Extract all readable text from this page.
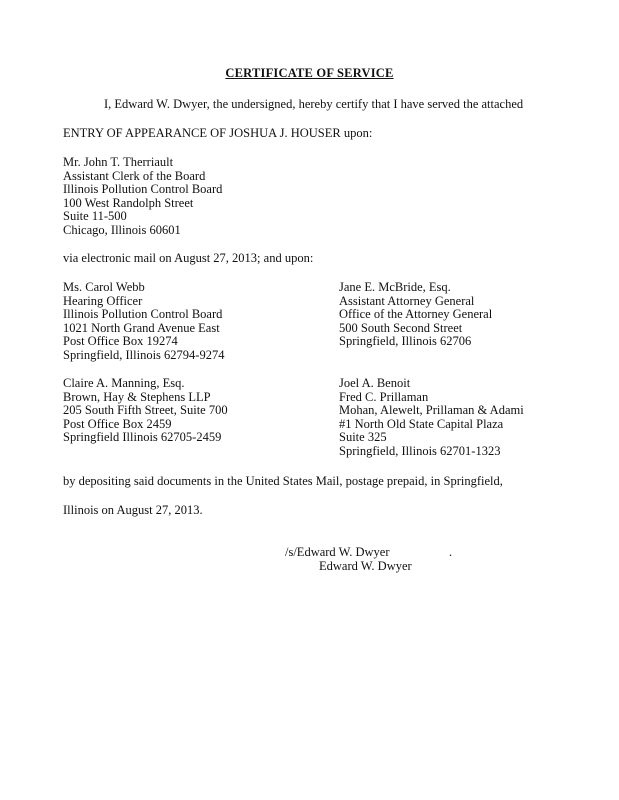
CERTIFICATE OF SERVICE
I, Edward W. Dwyer, the undersigned, hereby certify that I have served the attached
ENTRY OF APPEARANCE OF JOSHUA J. HOUSER upon:
Mr. John T. Therriault
Assistant Clerk of the Board
Illinois Pollution Control Board
100 West Randolph Street
Suite 11-500
Chicago, Illinois 60601
via electronic mail on August 27, 2013; and upon:
Ms. Carol Webb
Hearing Officer
Illinois Pollution Control Board
1021 North Grand Avenue East
Post Office Box 19274
Springfield, Illinois 62794-9274
Jane E. McBride, Esq.
Assistant Attorney General
Office of the Attorney General
500 South Second Street
Springfield, Illinois 62706
Claire A. Manning, Esq.
Brown, Hay & Stephens LLP
205 South Fifth Street, Suite 700
Post Office Box 2459
Springfield Illinois 62705-2459
Joel A. Benoit
Fred C. Prillaman
Mohan, Alewelt, Prillaman & Adami
#1 North Old State Capital Plaza
Suite 325
Springfield, Illinois 62701-1323
by depositing said documents in the United States Mail, postage prepaid, in Springfield,
Illinois on August 27, 2013.
/s/Edward W. Dwyer	.
Edward W. Dwyer
